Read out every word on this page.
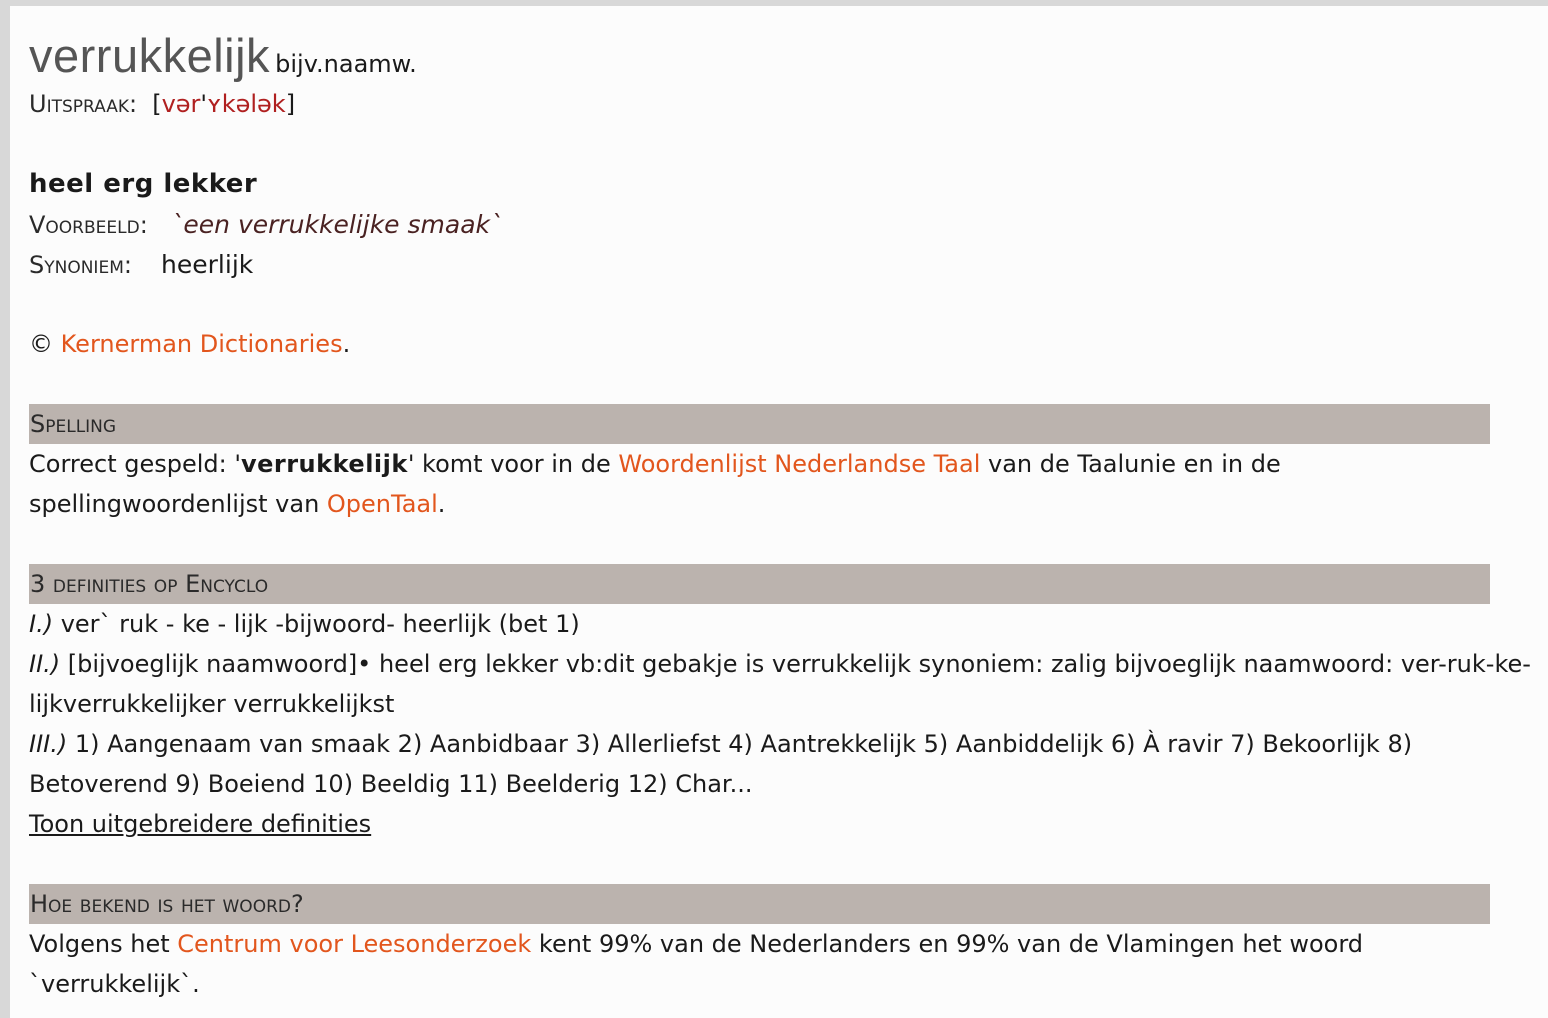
verrukkelijk bijv.naamw.
Uitspraak: [vər'ʏkələk]
heel erg lekker
Voorbeeld: `een verrukkelijke smaak`
Synoniem: heerlijk
© Kernerman Dictionaries.
Spelling
Correct gespeld: 'verrukkelijk' komt voor in de Woordenlijst Nederlandse Taal van de Taalunie en in de
spellingwoordenlijst van OpenTaal.
3 definities op Encyclo
I.) ver` ruk - ke - lijk -bijwoord- heerlijk (bet 1)
II.) [bijvoeglijk naamwoord]• heel erg lekker vb:dit gebakje is verrukkelijk synoniem: zalig bijvoeglijk naamwoord: ver-ruk-ke-
lijkverrukkelijker verrukkelijkst
III.) 1) Aangenaam van smaak 2) Aanbidbaar 3) Allerliefst 4) Aantrekkelijk 5) Aanbiddelijk 6) À ravir 7) Bekoorlijk 8)
Betoverend 9) Boeiend 10) Beeldig 11) Beelderig 12) Char...
Toon uitgebreidere definities
Hoe bekend is het woord?
Volgens het Centrum voor Leesonderzoek kent 99% van de Nederlanders en 99% van de Vlamingen het woord
`verrukkelijk`.
